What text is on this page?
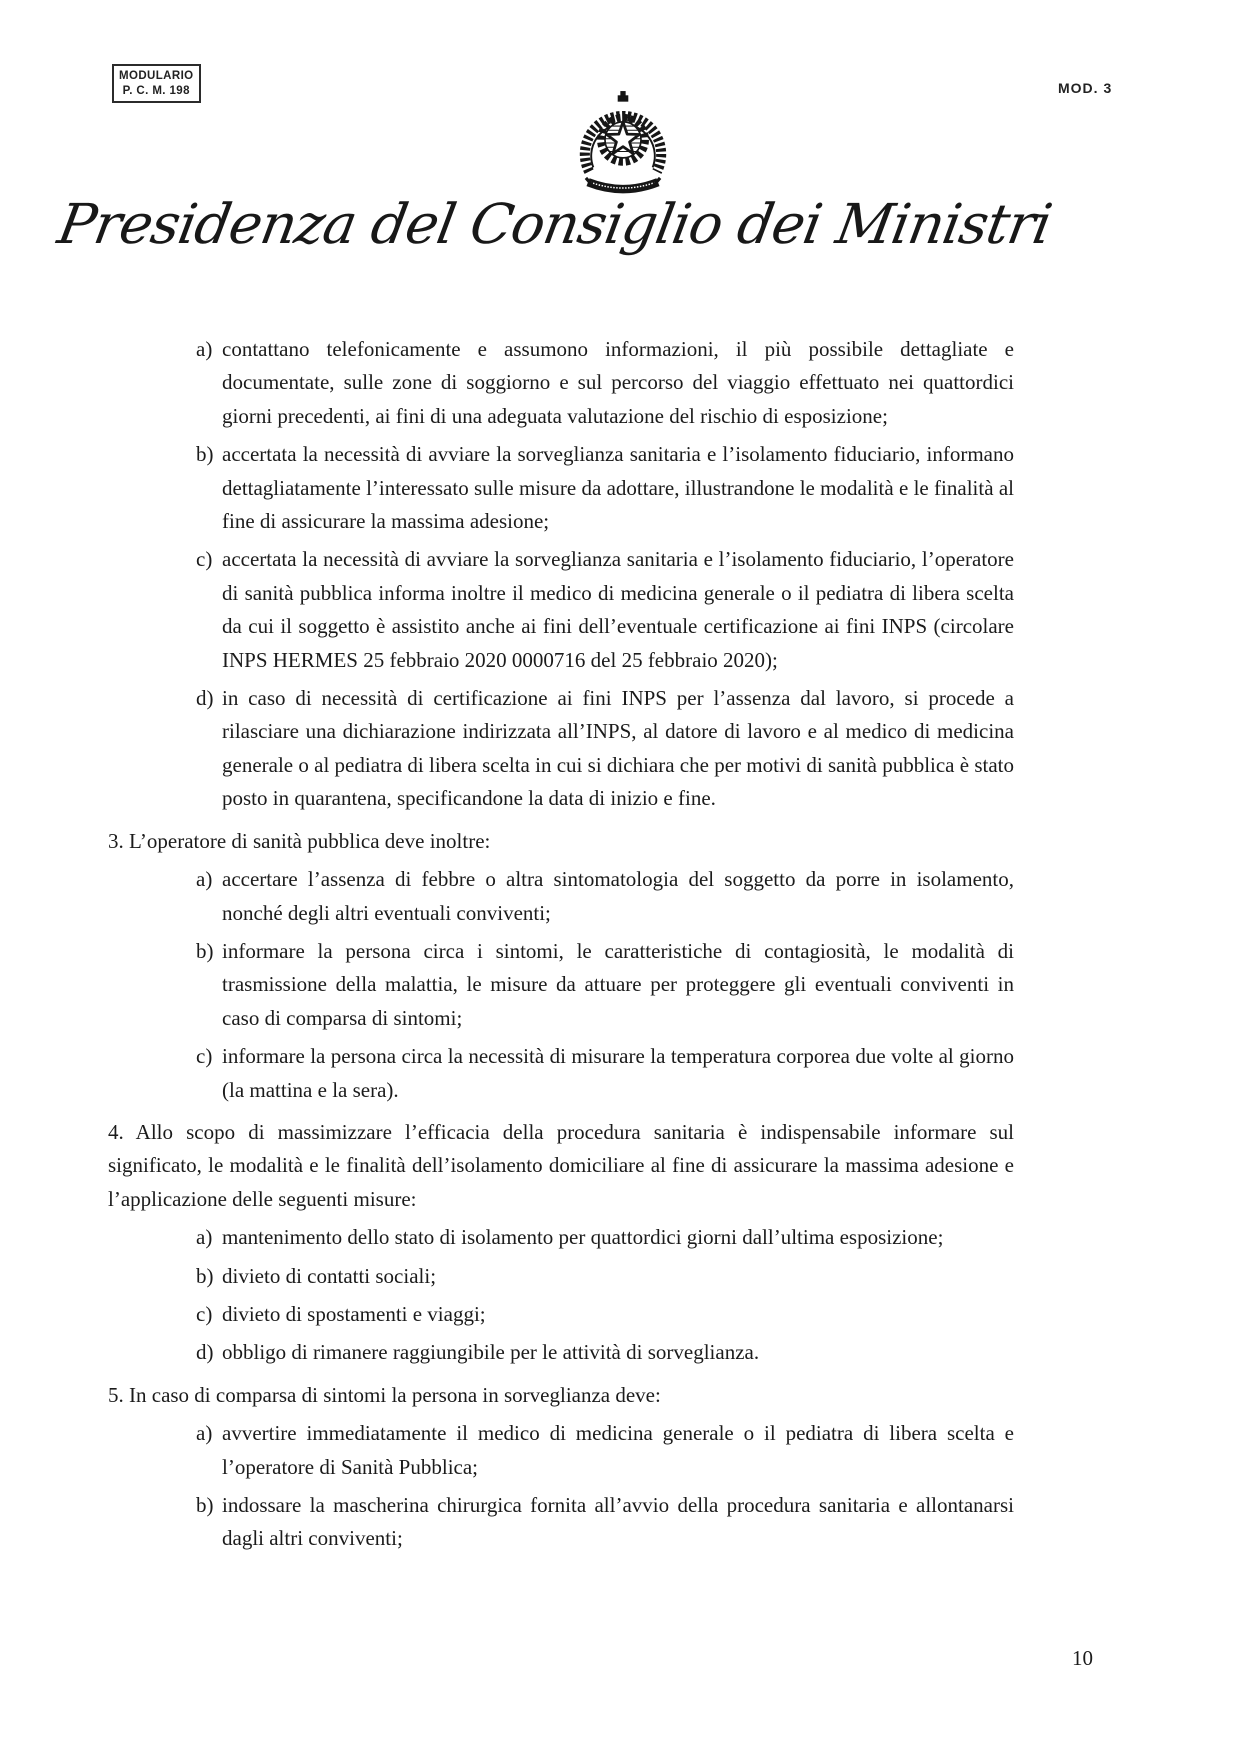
MODULARIO
P. C. M. 198	MOD. 3
Presidenza del Consiglio dei Ministri
a) contattano telefonicamente e assumono informazioni, il più possibile dettagliate e documentate, sulle zone di soggiorno e sul percorso del viaggio effettuato nei quattordici giorni precedenti, ai fini di una adeguata valutazione del rischio di esposizione;
b) accertata la necessità di avviare la sorveglianza sanitaria e l’isolamento fiduciario, informano dettagliatamente l’interessato sulle misure da adottare, illustrandone le modalità e le finalità al fine di assicurare la massima adesione;
c) accertata la necessità di avviare la sorveglianza sanitaria e l’isolamento fiduciario, l’operatore di sanità pubblica informa inoltre il medico di medicina generale o il pediatra di libera scelta da cui il soggetto è assistito anche ai fini dell’eventuale certificazione ai fini INPS (circolare INPS HERMES 25 febbraio 2020 0000716 del 25 febbraio 2020);
d) in caso di necessità di certificazione ai fini INPS per l’assenza dal lavoro, si procede a rilasciare una dichiarazione indirizzata all’INPS, al datore di lavoro e al medico di medicina generale o al pediatra di libera scelta in cui si dichiara che per motivi di sanità pubblica è stato posto in quarantena, specificandone la data di inizio e fine.

3. L’operatore di sanità pubblica deve inoltre:

a) accertare l’assenza di febbre o altra sintomatologia del soggetto da porre in isolamento, nonché degli altri eventuali conviventi;
b) informare la persona circa i sintomi, le caratteristiche di contagiosità, le modalità di trasmissione della malattia, le misure da attuare per proteggere gli eventuali conviventi in caso di comparsa di sintomi;
c) informare la persona circa la necessità di misurare la temperatura corporea due volte al giorno (la mattina e la sera).

4. Allo scopo di massimizzare l’efficacia della procedura sanitaria è indispensabile informare sul significato, le modalità e le finalità dell’isolamento domiciliare al fine di assicurare la massima adesione e l’applicazione delle seguenti misure:

a) mantenimento dello stato di isolamento per quattordici giorni dall’ultima esposizione;
b) divieto di contatti sociali;
c) divieto di spostamenti e viaggi;
d) obbligo di rimanere raggiungibile per le attività di sorveglianza.

5. In caso di comparsa di sintomi la persona in sorveglianza deve:

a) avvertire immediatamente il medico di medicina generale o il pediatra di libera scelta e l’operatore di Sanità Pubblica;
b) indossare la mascherina chirurgica fornita all’avvio della procedura sanitaria e allontanarsi dagli altri conviventi;
10
